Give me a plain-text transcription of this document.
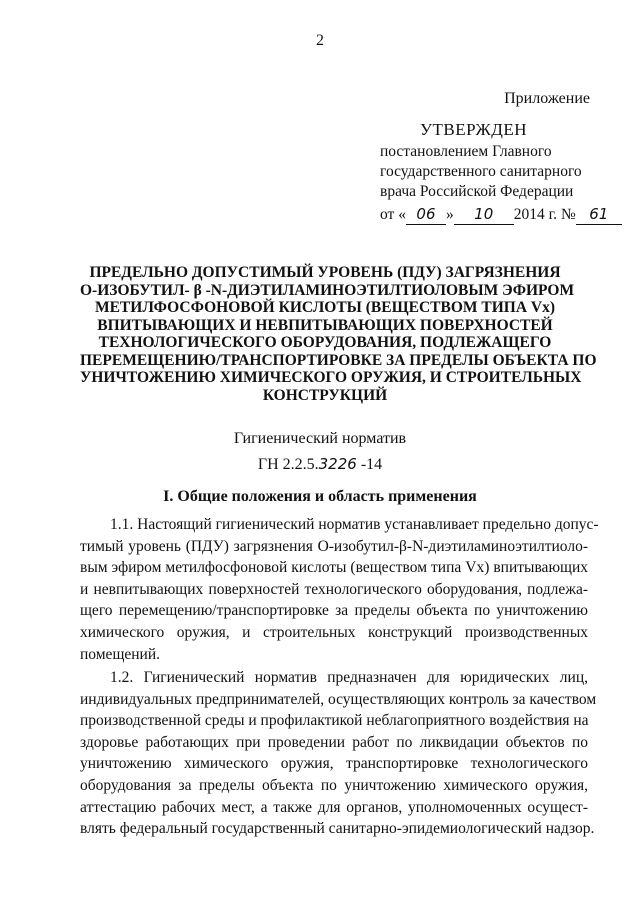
2
Приложение
УТВЕРЖДЕН
постановлением Главного
государственного санитарного
врача Российской Федерации
от « 06 » 10 2014 г. № 61
ПРЕДЕЛЬНО ДОПУСТИМЫЙ УРОВЕНЬ (ПДУ) ЗАГРЯЗНЕНИЯ
О-ИЗОБУТИЛ- β -N-ДИЭТИЛАМИНОЭТИЛТИОЛОВЫМ ЭФИРОМ
МЕТИЛФОСФОНОВОЙ КИСЛОТЫ (ВЕЩЕСТВОМ ТИПА Vx)
ВПИТЫВАЮЩИХ И НЕВПИТЫВАЮЩИХ ПОВЕРХНОСТЕЙ
ТЕХНОЛОГИЧЕСКОГО ОБОРУДОВАНИЯ, ПОДЛЕЖАЩЕГО
ПЕРЕМЕЩЕНИЮ/ТРАНСПОРТИРОВКЕ ЗА ПРЕДЕЛЫ ОБЪЕКТА ПО
УНИЧТОЖЕНИЮ ХИМИЧЕСКОГО ОРУЖИЯ, И СТРОИТЕЛЬНЫХ
КОНСТРУКЦИЙ
Гигиенический норматив
ГН 2.2.5.3226 -14
I. Общие положения и область применения
1.1. Настоящий гигиенический норматив устанавливает предельно допус-
тимый уровень (ПДУ) загрязнения О-изобутил-β-N-диэтиламиноэтилтиоло-
вым эфиром метилфосфоновой кислоты (веществом типа Vx) впитывающих
и невпитывающих поверхностей технологического оборудования, подлежа-
щего перемещению/транспортировке за пределы объекта по уничтожению
химического оружия, и строительных конструкций производственных
помещений.
1.2. Гигиенический норматив предназначен для юридических лиц,
индивидуальных предпринимателей, осуществляющих контроль за качеством
производственной среды и профилактикой неблагоприятного воздействия на
здоровье работающих при проведении работ по ликвидации объектов по
уничтожению химического оружия, транспортировке технологического
оборудования за пределы объекта по уничтожению химического оружия,
аттестацию рабочих мест, а также для органов, уполномоченных осущест-
влять федеральный государственный санитарно-эпидемиологический надзор.
